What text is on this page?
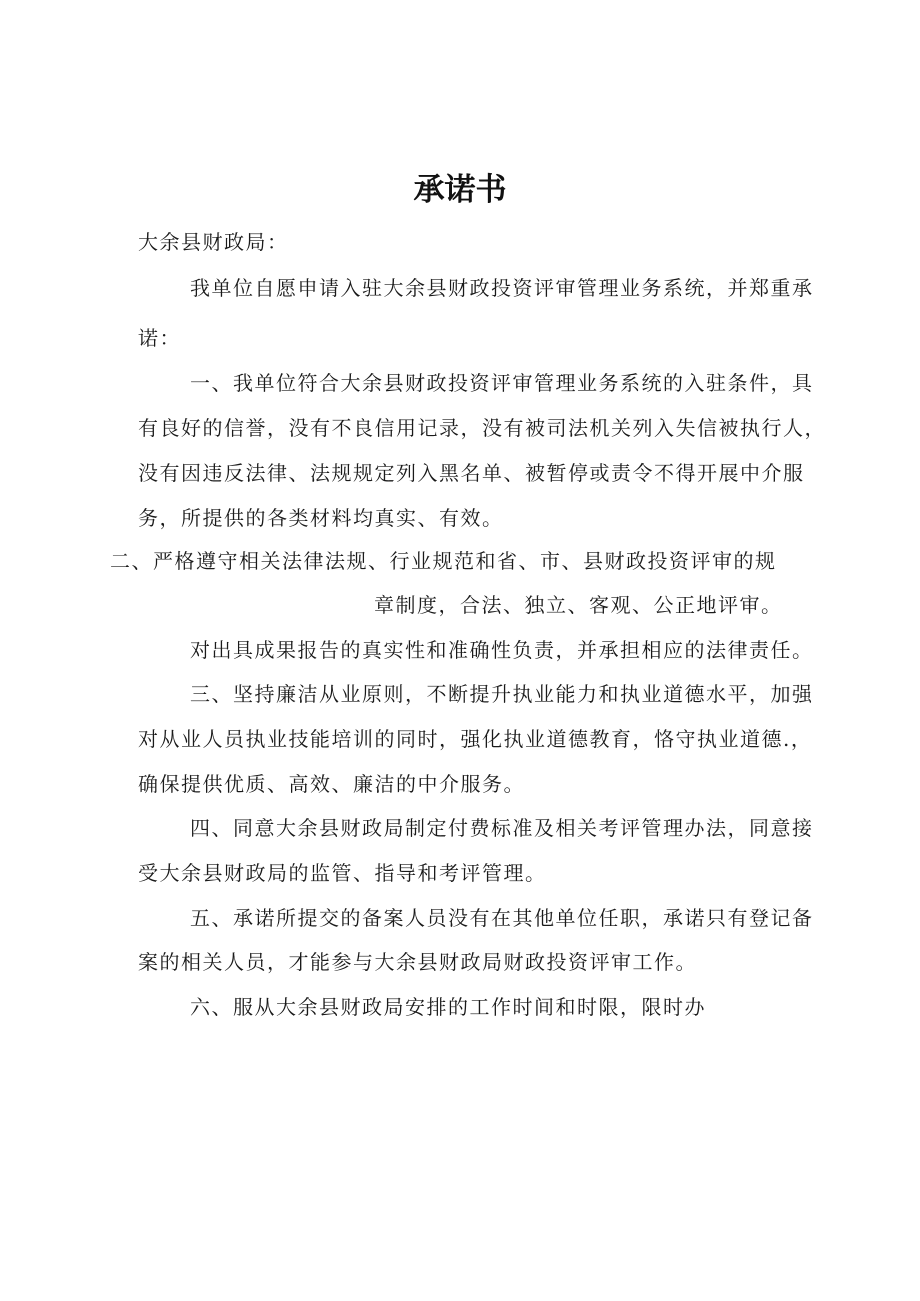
承诺书

大余县财政局：

我单位自愿申请入驻大余县财政投资评审管理业务系统，并郑重承

诺：

一、我单位符合大余县财政投资评审管理业务系统的入驻条件，具

有良好的信誉，没有不良信用记录，没有被司法机关列入失信被执行人，

没有因违反法律、法规规定列入黑名单、被暂停或责令不得开展中介服

务，所提供的各类材料均真实、有效。

二、严格遵守相关法律法规、行业规范和省、市、县财政投资评审的规

章制度，合法、独立、客观、公正地评审。

对出具成果报告的真实性和准确性负责，并承担相应的法律责任。

三、坚持廉洁从业原则，不断提升执业能力和执业道德水平，加强

对从业人员执业技能培训的同时，强化执业道德教育，恪守执业道德.，

确保提供优质、高效、廉洁的中介服务。

四、同意大余县财政局制定付费标准及相关考评管理办法，同意接

受大余县财政局的监管、指导和考评管理。

五、承诺所提交的备案人员没有在其他单位任职，承诺只有登记备

案的相关人员，才能参与大余县财政局财政投资评审工作。

六、服从大余县财政局安排的工作时间和时限，限时办
